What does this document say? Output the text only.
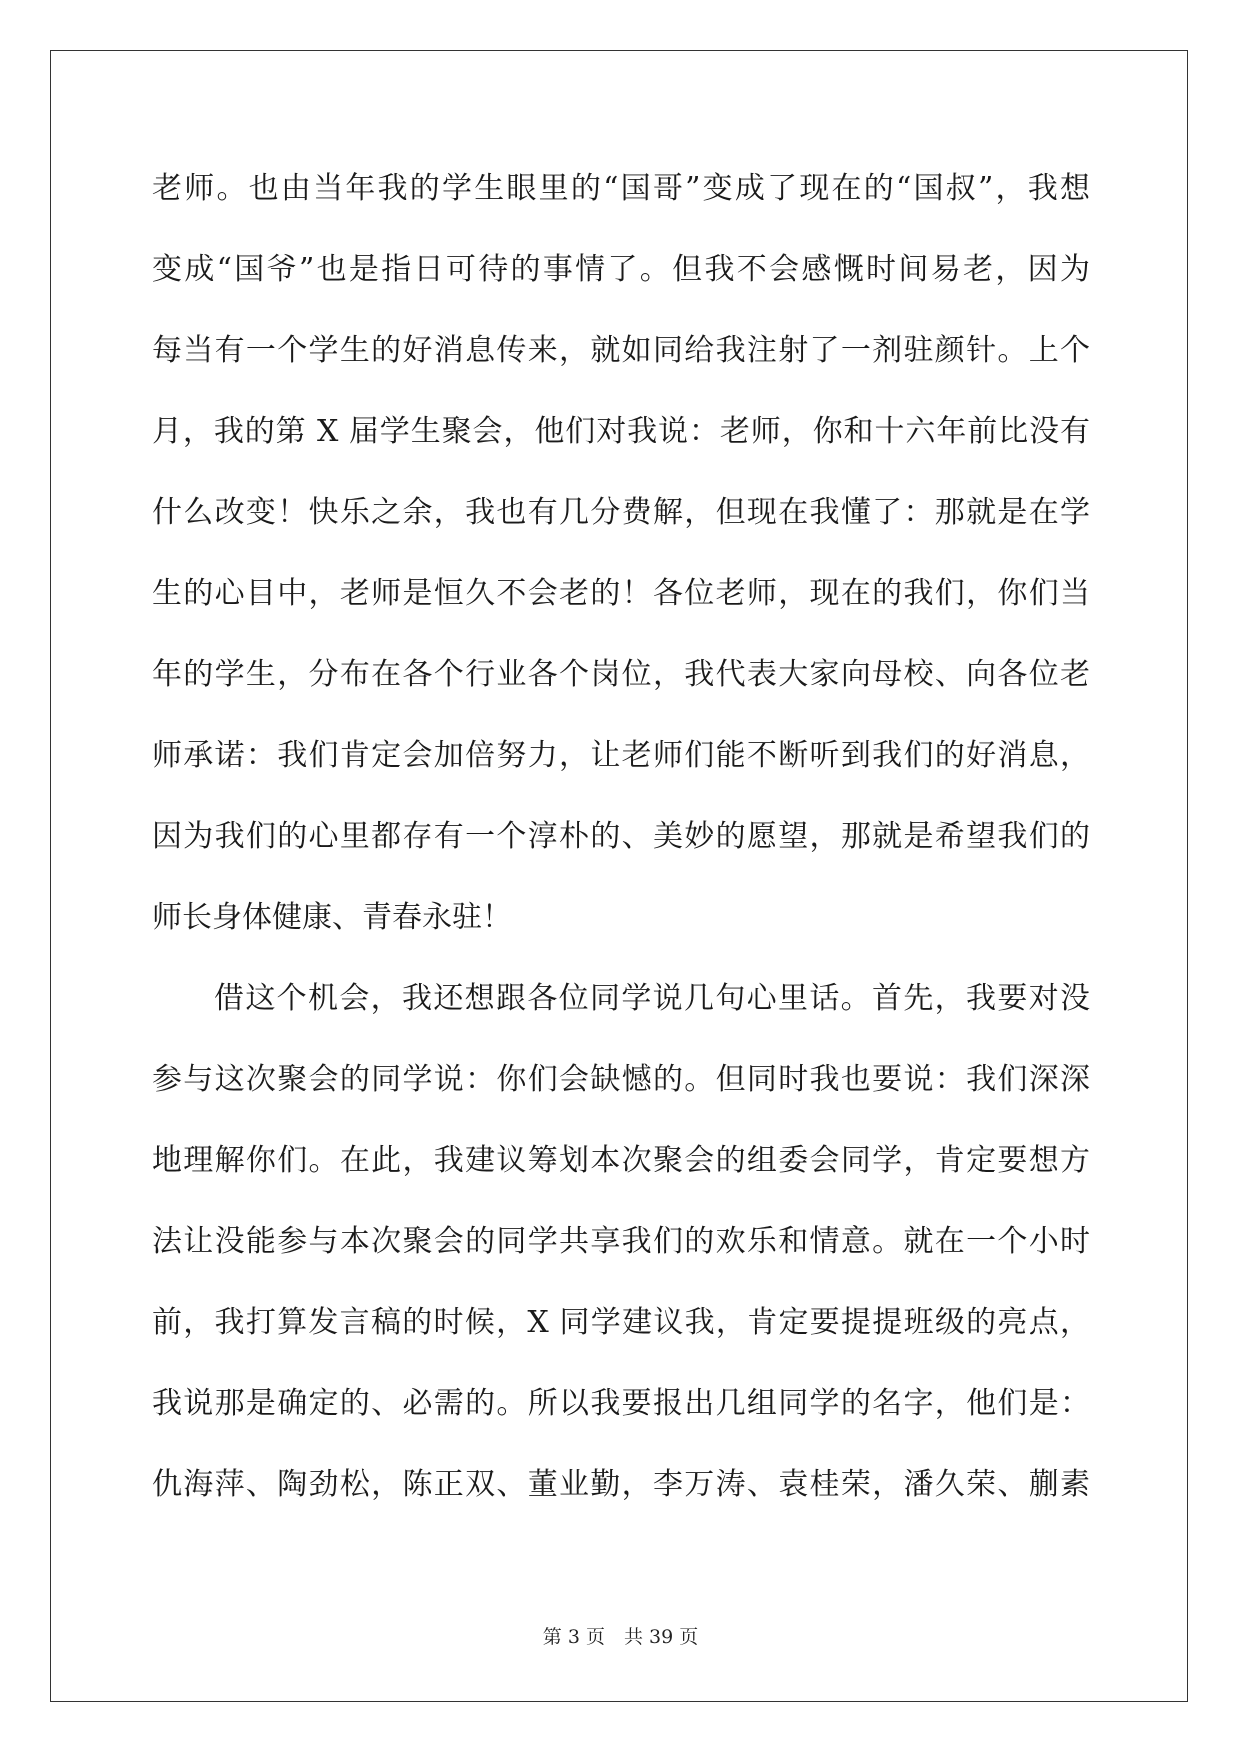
老师。也由当年我的学生眼里的“国哥”变成了现在的“国叔”，我想
变成“国爷”也是指日可待的事情了。但我不会感慨时间易老，因为
每当有一个学生的好消息传来，就如同给我注射了一剂驻颜针。上个
月，我的第 X 届学生聚会，他们对我说：老师，你和十六年前比没有
什么改变！快乐之余，我也有几分费解，但现在我懂了：那就是在学
生的心目中，老师是恒久不会老的！各位老师，现在的我们，你们当
年的学生，分布在各个行业各个岗位，我代表大家向母校、向各位老
师承诺：我们肯定会加倍努力，让老师们能不断听到我们的好消息，
因为我们的心里都存有一个淳朴的、美妙的愿望，那就是希望我们的
师长身体健康、青春永驻！
借这个机会，我还想跟各位同学说几句心里话。首先，我要对没
参与这次聚会的同学说：你们会缺憾的。但同时我也要说：我们深深
地理解你们。在此，我建议筹划本次聚会的组委会同学，肯定要想方
法让没能参与本次聚会的同学共享我们的欢乐和情意。就在一个小时
前，我打算发言稿的时候，X 同学建议我，肯定要提提班级的亮点，
我说那是确定的、必需的。所以我要报出几组同学的名字，他们是：
仇海萍、陶劲松，陈正双、董业勤，李万涛、袁桂荣，潘久荣、蒯素
第 3 页　共 39 页
